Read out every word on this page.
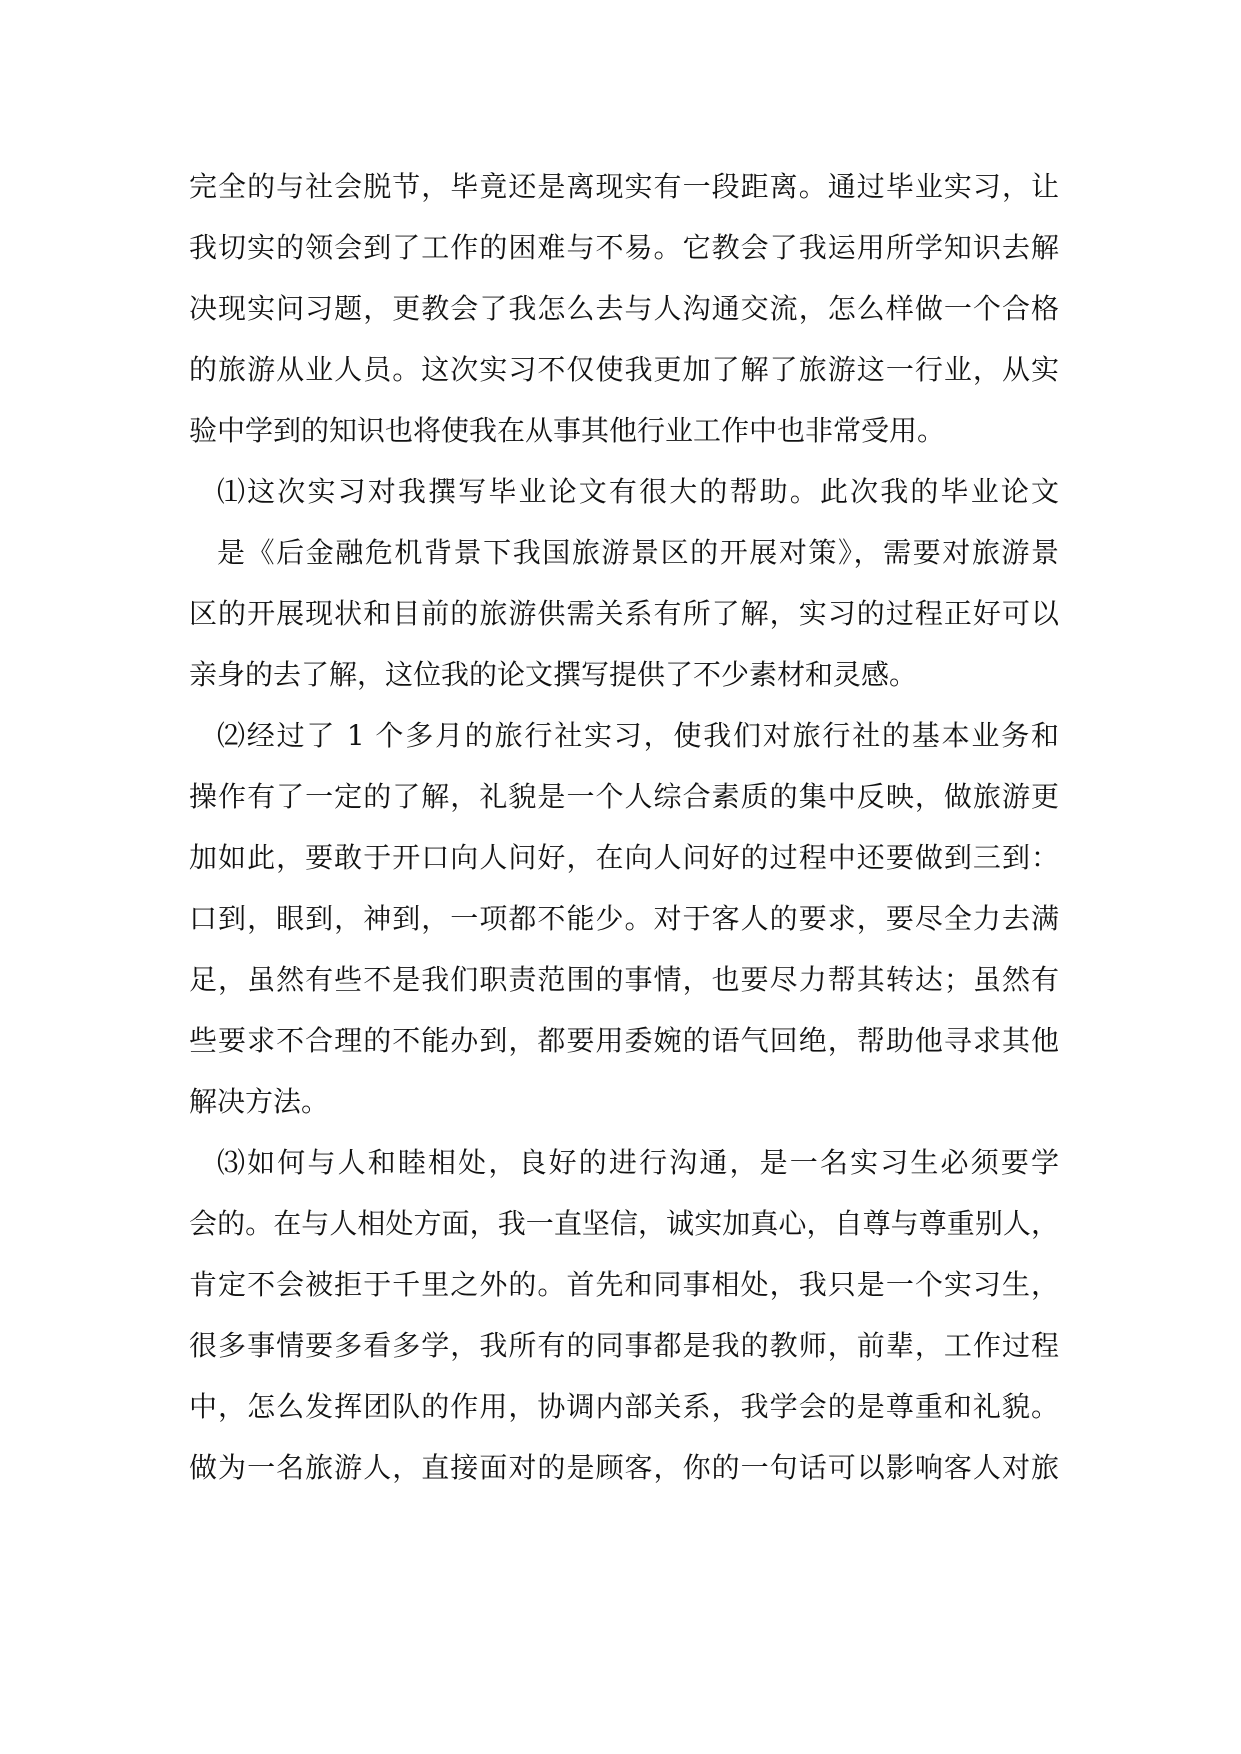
完全的与社会脱节，毕竟还是离现实有一段距离。通过毕业实习，让
我切实的领会到了工作的困难与不易。它教会了我运用所学知识去解
决现实问习题，更教会了我怎么去与人沟通交流，怎么样做一个合格
的旅游从业人员。这次实习不仅使我更加了解了旅游这一行业，从实
验中学到的知识也将使我在从事其他行业工作中也非常受用。
⑴这次实习对我撰写毕业论文有很大的帮助。此次我的毕业论文
是《后金融危机背景下我国旅游景区的开展对策》，需要对旅游景
区的开展现状和目前的旅游供需关系有所了解，实习的过程正好可以
亲身的去了解，这位我的论文撰写提供了不少素材和灵感。
⑵经过了 1 个多月的旅行社实习，使我们对旅行社的基本业务和
操作有了一定的了解，礼貌是一个人综合素质的集中反映，做旅游更
加如此，要敢于开口向人问好，在向人问好的过程中还要做到三到：
口到，眼到，神到，一项都不能少。对于客人的要求，要尽全力去满
足，虽然有些不是我们职责范围的事情，也要尽力帮其转达；虽然有
些要求不合理的不能办到，都要用委婉的语气回绝，帮助他寻求其他
解决方法。
⑶如何与人和睦相处，良好的进行沟通，是一名实习生必须要学
会的。在与人相处方面，我一直坚信，诚实加真心，自尊与尊重别人，
肯定不会被拒于千里之外的。首先和同事相处，我只是一个实习生，
很多事情要多看多学，我所有的同事都是我的教师，前辈，工作过程
中，怎么发挥团队的作用，协调内部关系，我学会的是尊重和礼貌。
做为一名旅游人，直接面对的是顾客，你的一句话可以影响客人对旅
